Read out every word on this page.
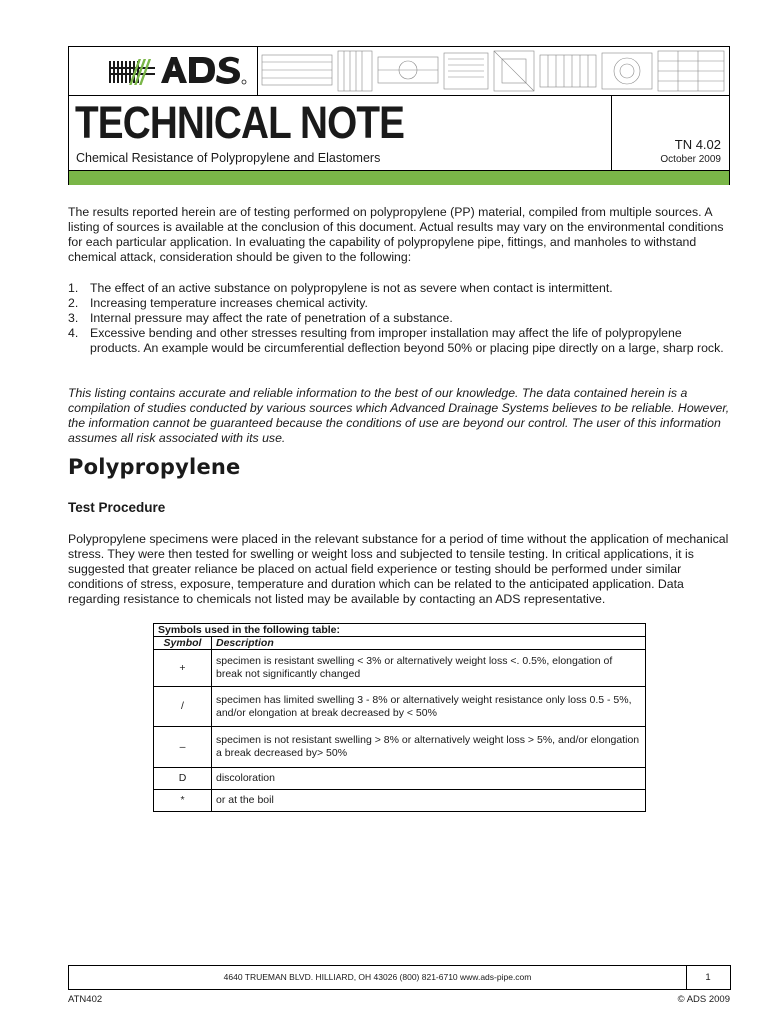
TECHNICAL NOTE
Chemical Resistance of Polypropylene and Elastomers
TN 4.02
October 2009
The results reported herein are of testing performed on polypropylene (PP) material, compiled from multiple sources. A listing of sources is available at the conclusion of this document. Actual results may vary on the environmental conditions for each particular application. In evaluating the capability of polypropylene pipe, fittings, and manholes to withstand chemical attack, consideration should be given to the following:
1. The effect of an active substance on polypropylene is not as severe when contact is intermittent.
2. Increasing temperature increases chemical activity.
3. Internal pressure may affect the rate of penetration of a substance.
4. Excessive bending and other stresses resulting from improper installation may affect the life of polypropylene products. An example would be circumferential deflection beyond 50% or placing pipe directly on a large, sharp rock.
This listing contains accurate and reliable information to the best of our knowledge. The data contained herein is a compilation of studies conducted by various sources which Advanced Drainage Systems believes to be reliable. However, the information cannot be guaranteed because the conditions of use are beyond our control. The user of this information assumes all risk associated with its use.
Polypropylene
Test Procedure
Polypropylene specimens were placed in the relevant substance for a period of time without the application of mechanical stress. They were then tested for swelling or weight loss and subjected to tensile testing. In critical applications, it is suggested that greater reliance be placed on actual field experience or testing should be performed under similar conditions of stress, exposure, temperature and duration which can be related to the anticipated application. Data regarding resistance to chemicals not listed may be available by contacting an ADS representative.
Symbols used in the following table:	
Symbol	Description
+	specimen is resistant swelling < 3% or alternatively weight loss <. 0.5%, elongation of break not significantly changed
/	specimen has limited swelling 3 - 8% or alternatively weight resistance only loss 0.5 - 5%, and/or elongation at break decreased by < 50%
–	specimen is not resistant swelling > 8% or alternatively weight loss > 5%, and/or elongation a break decreased by> 50%
D	discoloration
*	or at the boil
4640 TRUEMAN BLVD. HILLIARD, OH 43026 (800) 821-6710 www.ads-pipe.com	1
ATN402	© ADS 2009
